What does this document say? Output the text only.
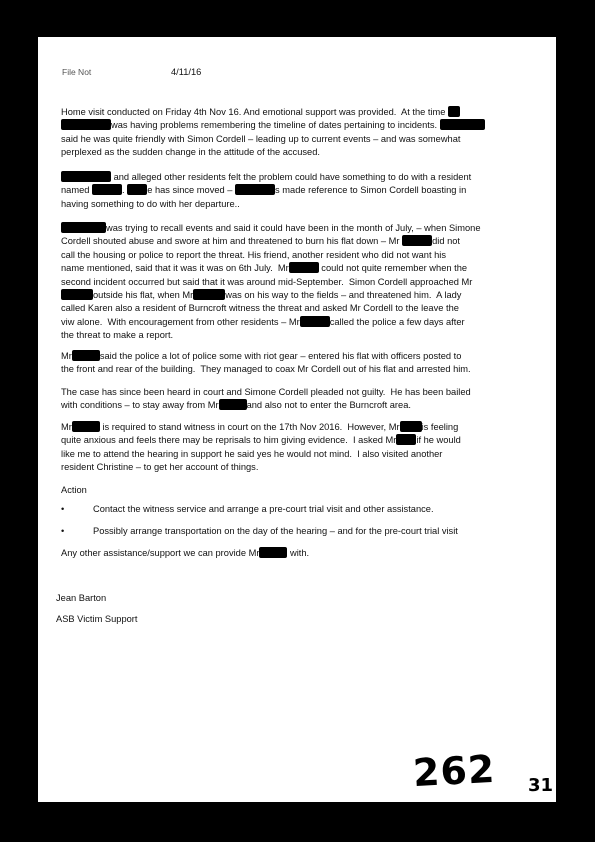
File Not	4/11/16
Home visit conducted on Friday 4th Nov 16. And emotional support was provided.  At the time
was having problems remembering the timeline of dates pertaining to incidents.
said he was quite friendly with Simon Cordell – leading up to current events – and was somewhat
perplexed as the sudden change in the attitude of the accused.
and alleged other residents felt the problem could have something to do with a resident
named	. e has since moved –	s made reference to Simon Cordell boasting in
having something to do with her departure..
was trying to recall events and said it could have been in the month of July, – when Simone
Cordell shouted abuse and swore at him and threatened to burn his flat down – Mr	did not
call the housing or police to report the threat. His friend, another resident who did not want his
name mentioned, said that it was it was on 6th July.  Mr	could not quite remember when the
second incident occurred but said that it was around mid-September.  Simon Cordell approached Mr
outside his flat, when Mr	was on his way to the fields – and threatened him.  A lady
called Karen also a resident of Burncroft witness the threat and asked Mr Cordell to the leave the
viw alone.  With encouragement from other residents – Mr	called the police a few days after
the threat to make a report.
Mr	said the police a lot of police some with riot gear – entered his flat with officers posted to
the front and rear of the building.  They managed to coax Mr Cordell out of his flat and arrested him.
The case has since been heard in court and Simone Cordell pleaded not guilty.  He has been bailed
with conditions – to stay away from Mr	and also not to enter the Burncroft area.
Mr	is required to stand witness in court on the 17th Nov 2016.  However, Mr is feeling
quite anxious and feels there may be reprisals to him giving evidence.  I asked Mr if he would
like me to attend the hearing in support he said yes he would not mind.  I also visited another
resident Christine – to get her account of things.
Action
•	Contact the witness service and arrange a pre-court trial visit and other assistance.
•	Possibly arrange transportation on the day of the hearing – and for the pre-court trial visit
Any other assistance/support we can provide Mr	with.
Jean Barton
ASB Victim Support
262 31
